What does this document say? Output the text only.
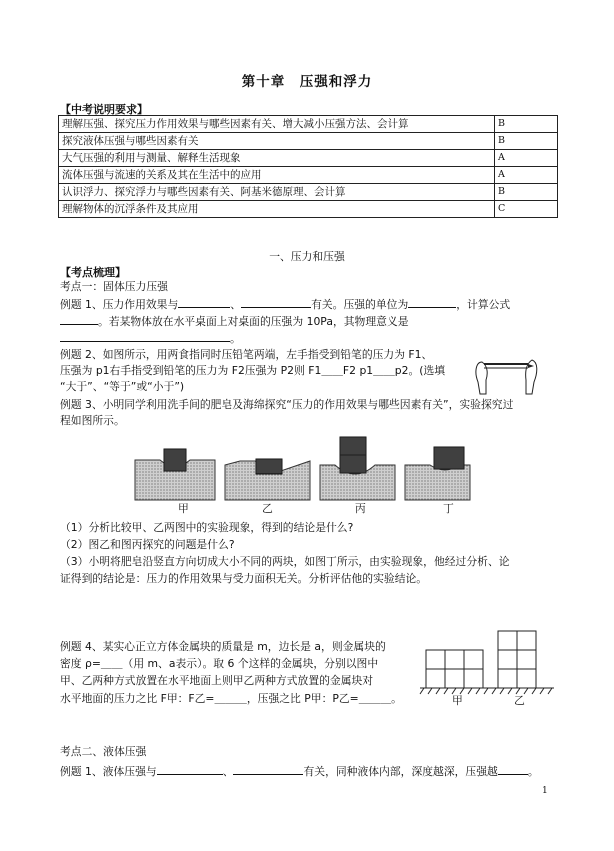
第十章　压强和浮力
【中考说明要求】
理解压强、探究压力作用效果与哪些因素有关、增大减小压强方法、会计算	B
探究液体压强与哪些因素有关	B
大气压强的利用与测量、解释生活现象	A
流体压强与流速的关系及其在生活中的应用	A
认识浮力、探究浮力与哪些因素有关、阿基米德原理、会计算	B
理解物体的沉浮条件及其应用	C
一、压力和压强
【考点梳理】
考点一：固体压力压强
例题 1、压力作用效果与	、	有关。压强的单位为	，计算公式
。若某物体放在水平桌面上对桌面的压强为 10Pa，其物理意义是
。
例题 2、如图所示，用两食指同时压铅笔两端，左手指受到铅笔的压力为 F1、
压强为 p1右手指受到铅笔的压力为 F2压强为 P2则 F1＿＿F2 p1＿＿p2。(选填
“大于”、“等于”或“小于”)
例题 3、小明同学利用洗手间的肥皂及海绵探究“压力的作用效果与哪些因素有关”，实验探究过
程如图所示。
甲	乙	丙	丁
（1）分析比较甲、乙两图中的实验现象，得到的结论是什么?
（2）图乙和图丙探究的问题是什么?
（3）小明将肥皂沿竖直方向切成大小不同的两块，如图丁所示，由实验现象，他经过分析、论
证得到的结论是：压力的作用效果与受力面积无关。分析评估他的实验结论。
例题 4、某实心正立方体金属块的质量是 m，边长是 a，则金属块的
密度 ρ=＿＿（用 m、a表示）。取 6 个这样的金属块，分别以图中
甲、乙两种方式放置在水平地面上则甲乙两种方式放置的金属块对
水平地面的压力之比 F甲：F乙=＿＿＿，压强之比 P甲：P乙=＿＿＿。	甲	乙
考点二、液体压强
例题 1、液体压强与	、	有关，同种液体内部，深度越深，压强越	。
1
